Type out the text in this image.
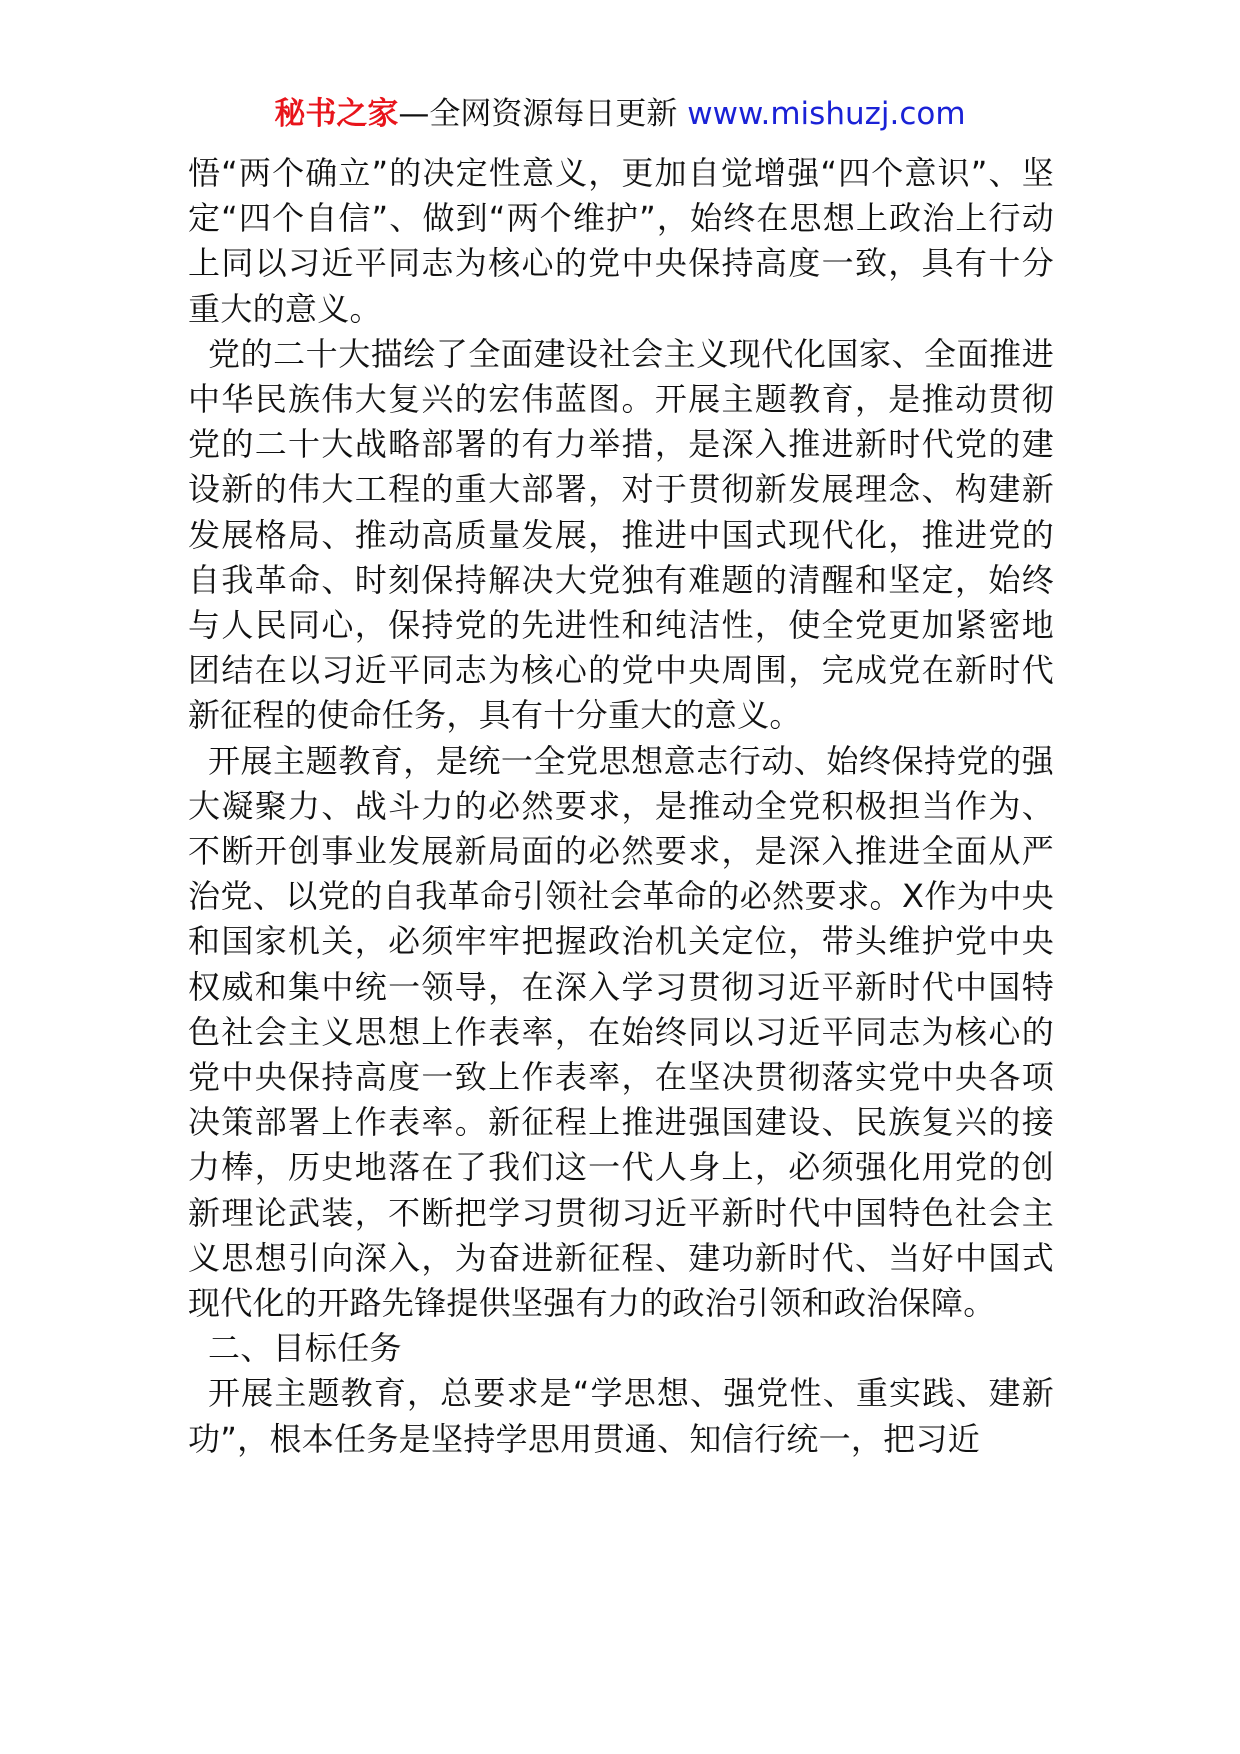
秘书之家—全网资源每日更新 www.mishuzj.com

悟“两个确立”的决定性意义，更加自觉增强“四个意识”、坚定“四个自信”、做到“两个维护”，始终在思想上政治上行动上同以习近平同志为核心的党中央保持高度一致，具有十分重大的意义。

党的二十大描绘了全面建设社会主义现代化国家、全面推进中华民族伟大复兴的宏伟蓝图。开展主题教育，是推动贯彻党的二十大战略部署的有力举措，是深入推进新时代党的建设新的伟大工程的重大部署，对于贯彻新发展理念、构建新发展格局、推动高质量发展，推进中国式现代化，推进党的自我革命、时刻保持解决大党独有难题的清醒和坚定，始终与人民同心，保持党的先进性和纯洁性，使全党更加紧密地团结在以习近平同志为核心的党中央周围，完成党在新时代新征程的使命任务，具有十分重大的意义。

开展主题教育，是统一全党思想意志行动、始终保持党的强大凝聚力、战斗力的必然要求，是推动全党积极担当作为、不断开创事业发展新局面的必然要求，是深入推进全面从严治党、以党的自我革命引领社会革命的必然要求。X作为中央和国家机关，必须牢牢把握政治机关定位，带头维护党中央权威和集中统一领导，在深入学习贯彻习近平新时代中国特色社会主义思想上作表率，在始终同以习近平同志为核心的党中央保持高度一致上作表率，在坚决贯彻落实党中央各项决策部署上作表率。新征程上推进强国建设、民族复兴的接力棒，历史地落在了我们这一代人身上，必须强化用党的创新理论武装，不断把学习贯彻习近平新时代中国特色社会主义思想引向深入，为奋进新征程、建功新时代、当好中国式现代化的开路先锋提供坚强有力的政治引领和政治保障。

二、目标任务

开展主题教育，总要求是“学思想、强党性、重实践、建新功”，根本任务是坚持学思用贯通、知信行统一，把习近
